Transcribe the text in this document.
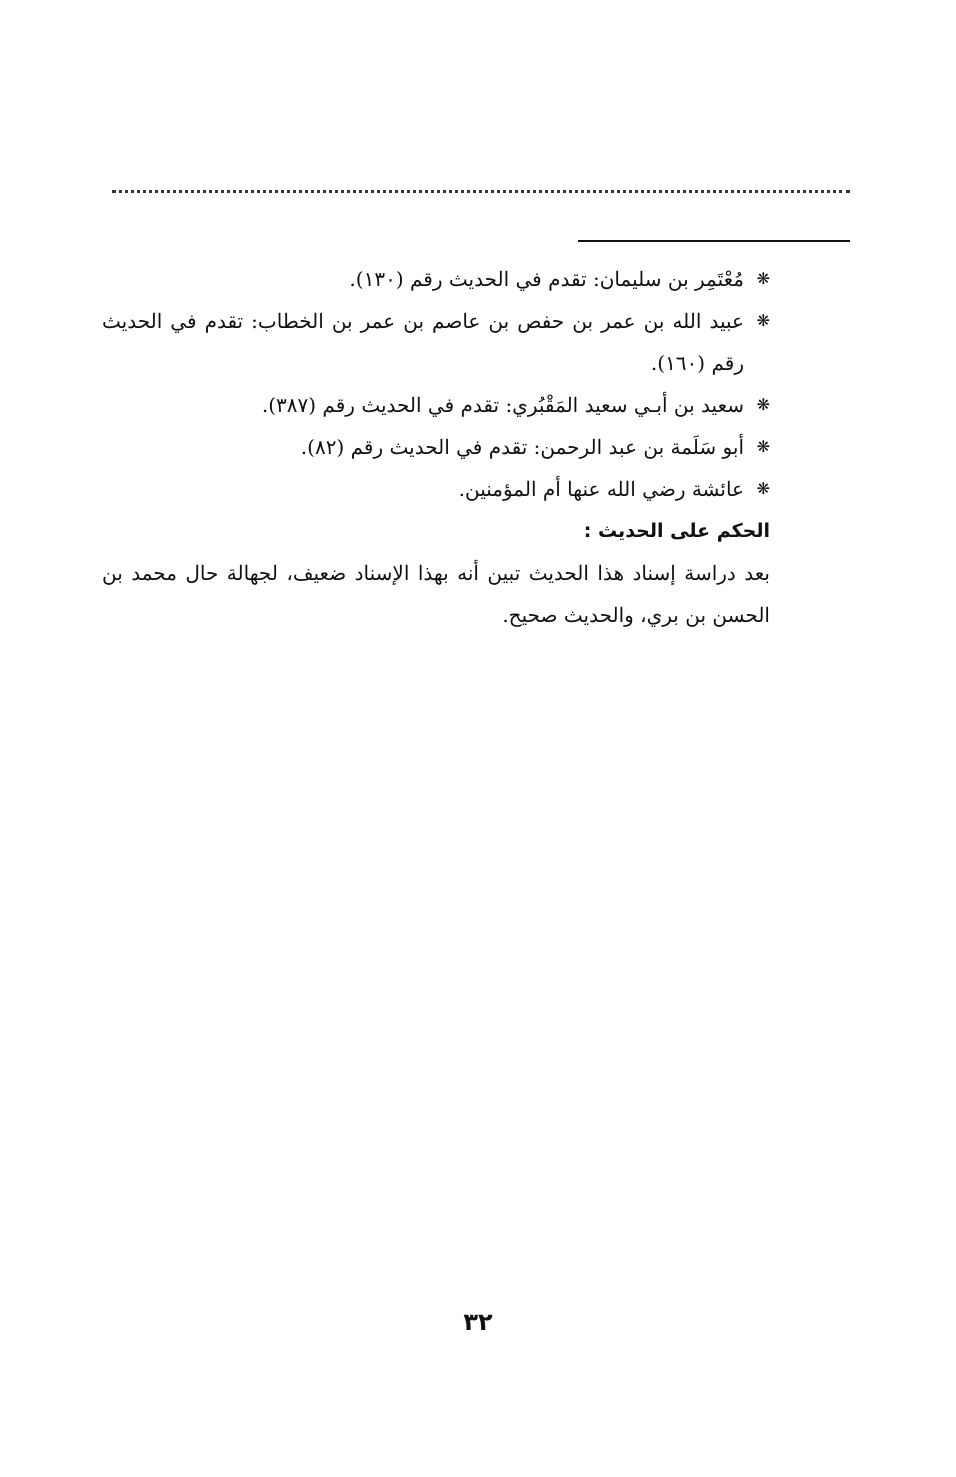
❋
مُعْتَمِر بن سليمان: تقدم في الحديث رقم (١٣٠).
❋
عبيد الله بن عمر بن حفص بن عاصم بن عمر بن الخطاب: تقدم في الحديث رقم (١٦٠).
❋
سعيد بن أبـي سعيد المَقْبُري: تقدم في الحديث رقم (٣٨٧).
❋
أبو سَلَمة بن عبد الرحمن: تقدم في الحديث رقم (٨٢).
❋
عائشة رضي الله عنها أم المؤمنين.
الحكم على الحديث :
بعد دراسة إسناد هذا الحديث تبين أنه بهذا الإسناد ضعيف، لجهالة حال محمد بن الحسن بن بري، والحديث صحيح.
٣٢
